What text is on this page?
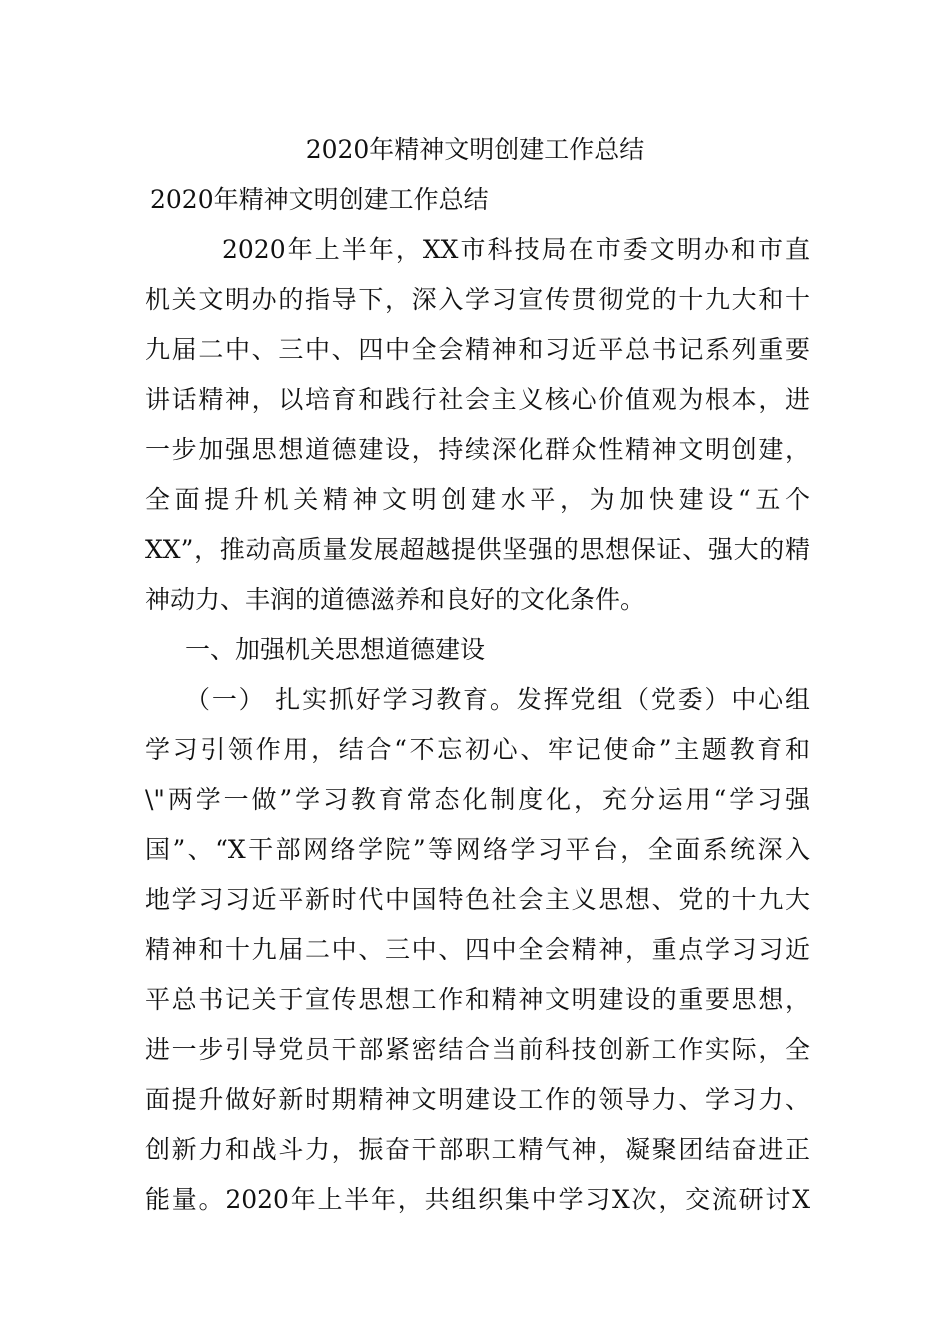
2020年精神文明创建工作总结
2020年精神文明创建工作总结

2020年上半年，XX市科技局在市委文明办和市直

机关文明办的指导下，深入学习宣传贯彻党的十九大和十

九届二中、三中、四中全会精神和习近平总书记系列重要

讲话精神，以培育和践行社会主义核心价值观为根本，进

一步加强思想道德建设，持续深化群众性精神文明创建，

全面提升机关精神文明创建水平，为加快建设“五个

XX”，推动高质量发展超越提供坚强的思想保证、强大的精

神动力、丰润的道德滋养和良好的文化条件。

一、加强机关思想道德建设

（一） 扎实抓好学习教育。发挥党组（党委）中心组

学习引领作用，结合“不忘初心、牢记使命”主题教育和

\"两学一做”学习教育常态化制度化，充分运用“学习强

国”、“X干部网络学院”等网络学习平台，全面系统深入

地学习习近平新时代中国特色社会主义思想、党的十九大

精神和十九届二中、三中、四中全会精神，重点学习习近

平总书记关于宣传思想工作和精神文明建设的重要思想，

进一步引导党员干部紧密结合当前科技创新工作实际，全

面提升做好新时期精神文明建设工作的领导力、学习力、

创新力和战斗力，振奋干部职工精气神，凝聚团结奋进正

能量。2020年上半年，共组织集中学习X次，交流研讨X
